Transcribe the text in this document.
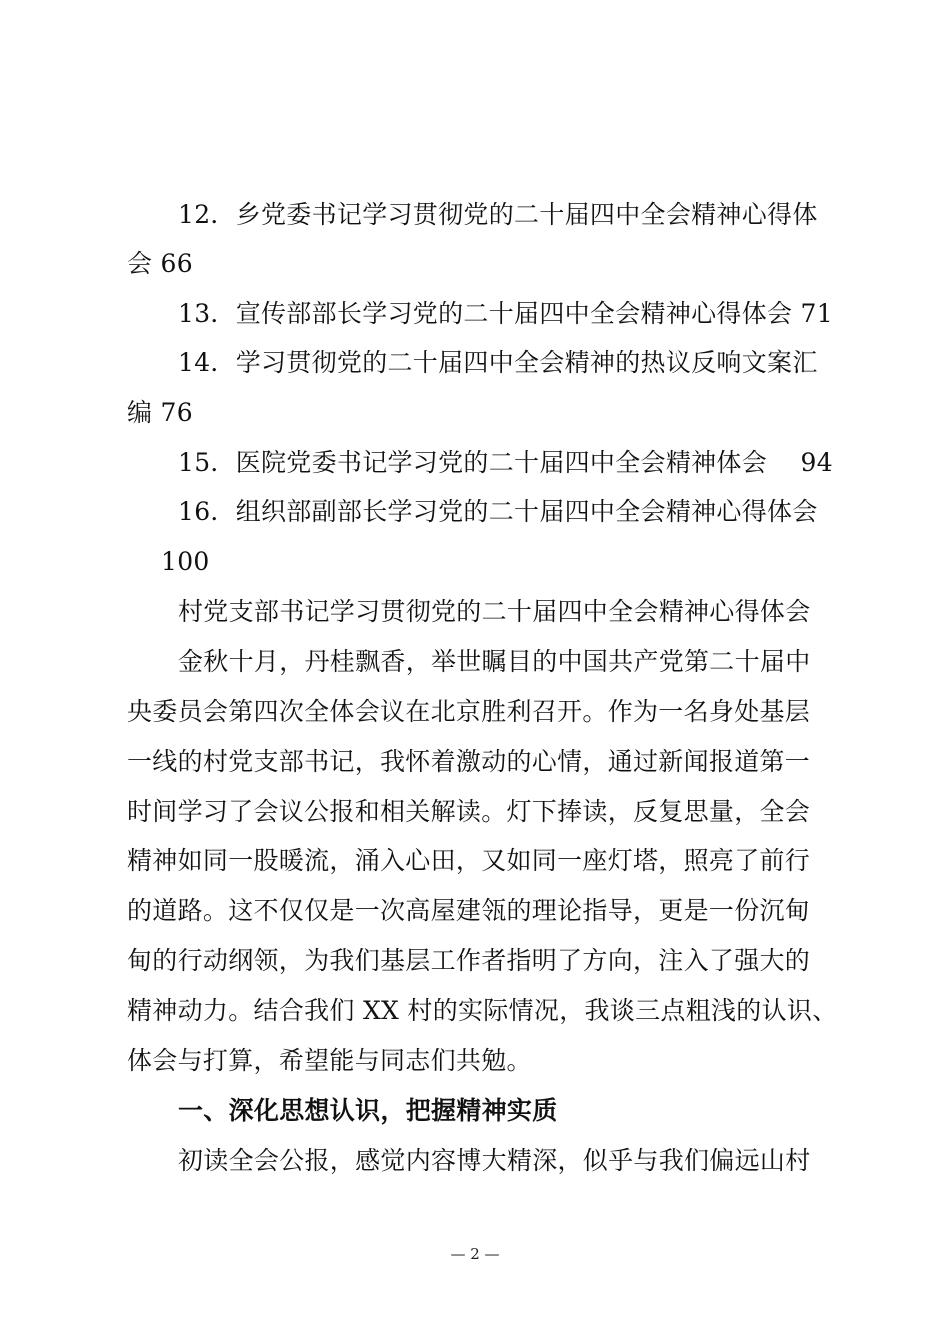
12．乡党委书记学习贯彻党的二十届四中全会精神心得体
会 66
13．宣传部部长学习党的二十届四中全会精神心得体会 71
14．学习贯彻党的二十届四中全会精神的热议反响文案汇
编 76
15．医院党委书记学习党的二十届四中全会精神体会　 94
16．组织部副部长学习党的二十届四中全会精神心得体会
100
村党支部书记学习贯彻党的二十届四中全会精神心得体会
金秋十月，丹桂飘香，举世瞩目的中国共产党第二十届中
央委员会第四次全体会议在北京胜利召开。作为一名身处基层
一线的村党支部书记，我怀着激动的心情，通过新闻报道第一
时间学习了会议公报和相关解读。灯下捧读，反复思量，全会
精神如同一股暖流，涌入心田，又如同一座灯塔，照亮了前行
的道路。这不仅仅是一次高屋建瓴的理论指导，更是一份沉甸
甸的行动纲领，为我们基层工作者指明了方向，注入了强大的
精神动力。结合我们 XX 村的实际情况，我谈三点粗浅的认识、
体会与打算，希望能与同志们共勉。
一、深化思想认识，把握精神实质
初读全会公报，感觉内容博大精深，似乎与我们偏远山村
— 2 —
